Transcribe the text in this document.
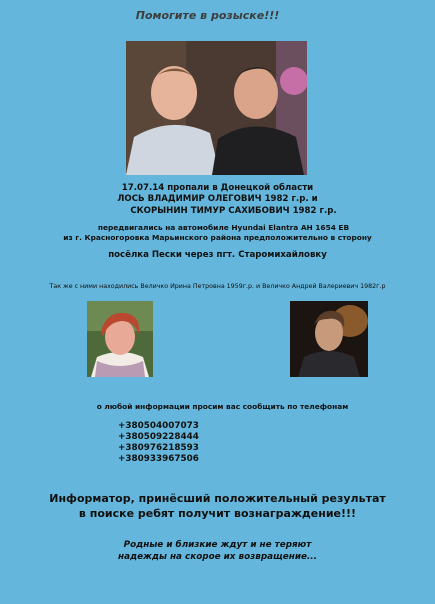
Помогите в розыске!!!
17.07.14 пропали в Донецкой области
ЛОСЬ ВЛАДИМИР ОЛЕГОВИЧ 1982 г.р. и
СКОРЫНИН ТИМУР САХИБОВИЧ 1982 г.р.
передвигались на автомобиле Hyundai Elantra АН 1654 ЕВ
из г. Красногоровка Марьинского района предположительно в сторону
посёлка Пески через пгт. Старомихайловку
Так же с ними находились Величко Ирина Петровна 1959г.р. и Величко Андрей Валериевич 1982г.р
о любой информации просим вас сообщить по телефонам
+380504007073
+380509228444
+380976218593
+380933967506
Информатор, принёсший положительный результат
в поиске ребят получит вознаграждение!!!
Родные и близкие ждут и не теряют
надежды на скорое их возвращение...
